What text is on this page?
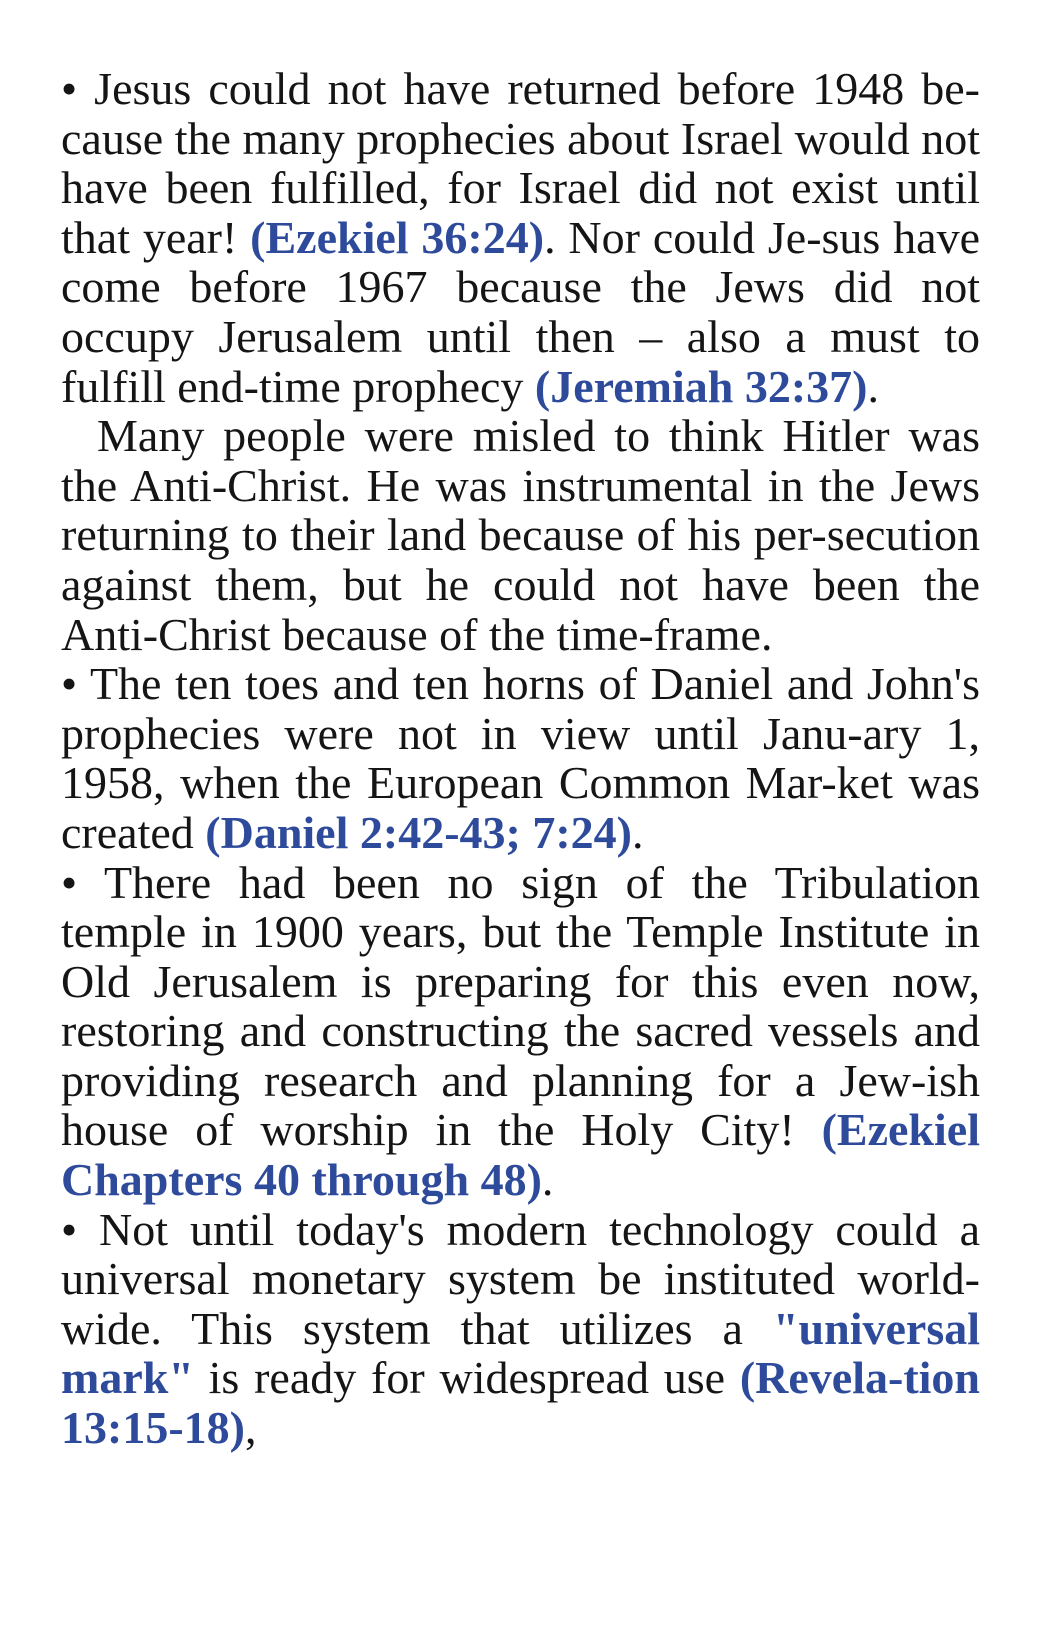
• Jesus could not have returned before 1948 be-cause the many prophecies about Israel would not have been fulfilled, for Israel did not exist until that year! (Ezekiel 36:24). Nor could Je-sus have come before 1967 because the Jews did not occupy Jerusalem until then – also a must to fulfill end-time prophecy (Jeremiah 32:37).

Many people were misled to think Hitler was the Anti-Christ. He was instrumental in the Jews returning to their land because of his per-secution against them, but he could not have been the Anti-Christ because of the time-frame.

• The ten toes and ten horns of Daniel and John's prophecies were not in view until Janu-ary 1, 1958, when the European Common Mar-ket was created (Daniel 2:42-43; 7:24).

• There had been no sign of the Tribulation temple in 1900 years, but the Temple Institute in Old Jerusalem is preparing for this even now, restoring and constructing the sacred vessels and providing research and planning for a Jew-ish house of worship in the Holy City! (Ezekiel Chapters 40 through 48).

• Not until today's modern technology could a universal monetary system be instituted world-wide. This system that utilizes a "universal mark" is ready for widespread use (Revela-tion 13:15-18),
